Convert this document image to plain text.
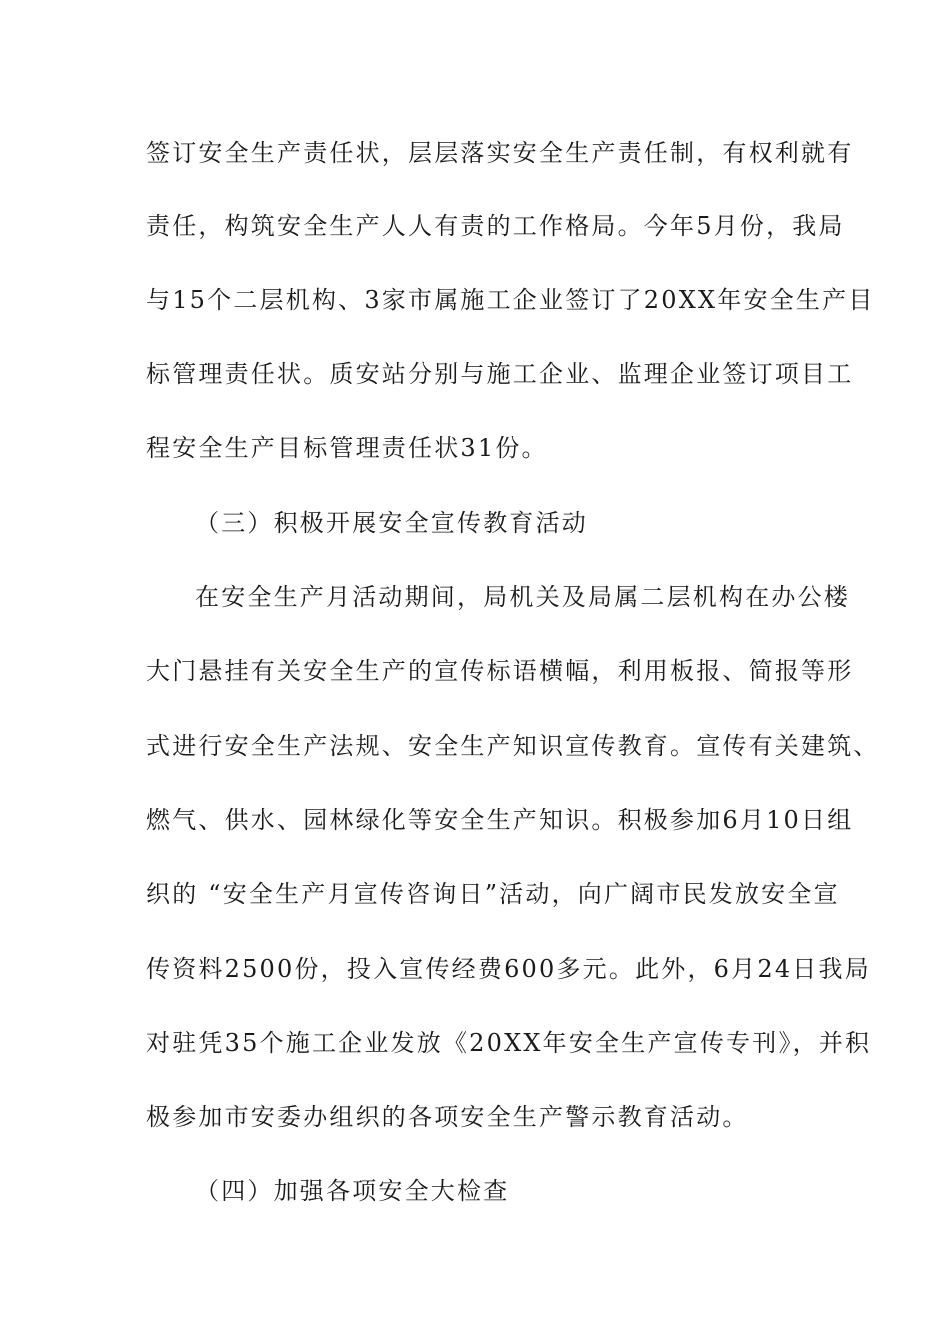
签订安全生产责任状，层层落实安全生产责任制，有权利就有
责任，构筑安全生产人人有责的工作格局。今年5月份，我局
与15个二层机构、3家市属施工企业签订了20XX年安全生产目
标管理责任状。质安站分别与施工企业、监理企业签订项目工
程安全生产目标管理责任状31份。
（三）积极开展安全宣传教育活动
在安全生产月活动期间，局机关及局属二层机构在办公楼
大门悬挂有关安全生产的宣传标语横幅，利用板报、简报等形
式进行安全生产法规、安全生产知识宣传教育。宣传有关建筑、
燃气、供水、园林绿化等安全生产知识。积极参加6月10日组
织的 “安全生产月宣传咨询日”活动，向广阔市民发放安全宣
传资料2500份，投入宣传经费600多元。此外，6月24日我局
对驻凭35个施工企业发放《20XX年安全生产宣传专刊》，并积
极参加市安委办组织的各项安全生产警示教育活动。
（四）加强各项安全大检查
